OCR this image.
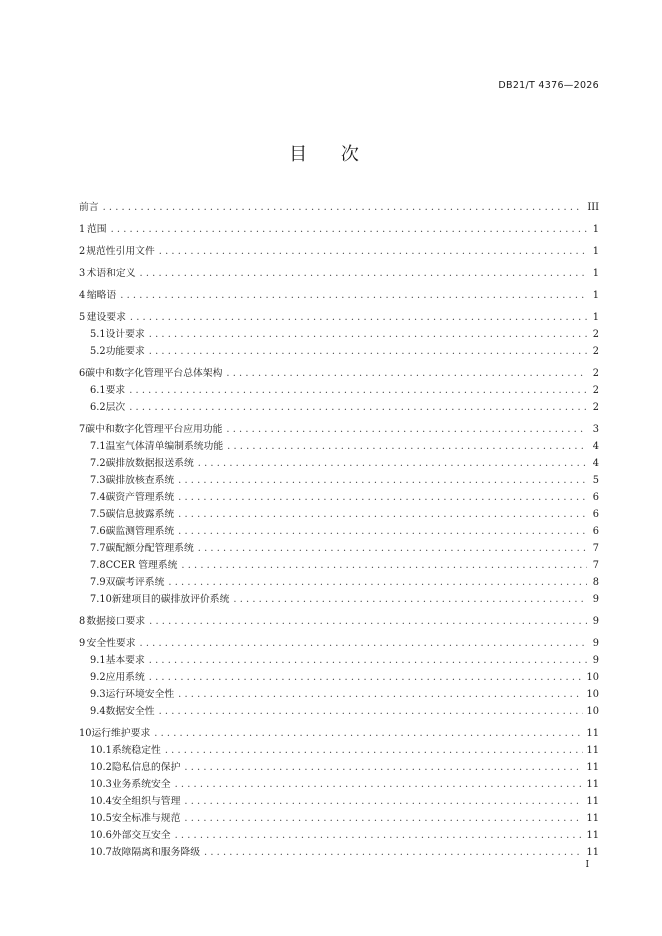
DB21/T 4376—2026
目 次
前言 .....	III
1 范围 .....	1
2 规范性引用文件 .....	1
3 术语和定义 .....	1
4 缩略语 .....	1
5 建设要求 .....	1
5.1 设计要求 .....	2
5.2 功能要求 .....	2
6 碳中和数字化管理平台总体架构 .....	2
6.1 要求 .....	2
6.2 层次 .....	2
7 碳中和数字化管理平台应用功能 .....	3
7.1 温室气体清单编制系统功能 .....	4
7.2 碳排放数据报送系统 .....	4
7.3 碳排放核查系统 .....	5
7.4 碳资产管理系统 .....	6
7.5 碳信息披露系统 .....	6
7.6 碳监测管理系统 .....	6
7.7 碳配额分配管理系统 .....	7
7.8 CCER 管理系统 .....	7
7.9 双碳考评系统 .....	8
7.10 新建项目的碳排放评价系统 .....	9
8 数据接口要求 .....	9
9 安全性要求 .....	9
9.1 基本要求 .....	9
9.2 应用系统 .....	10
9.3 运行环境安全性 .....	10
9.4 数据安全性 .....	10
10 运行维护要求 .....	11
10.1 系统稳定性 .....	11
10.2 隐私信息的保护 .....	11
10.3 业务系统安全 .....	11
10.4 安全组织与管理 .....	11
10.5 安全标准与规范 .....	11
10.6 外部交互安全 .....	11
10.7 故障隔离和服务降级 .....	11
I
